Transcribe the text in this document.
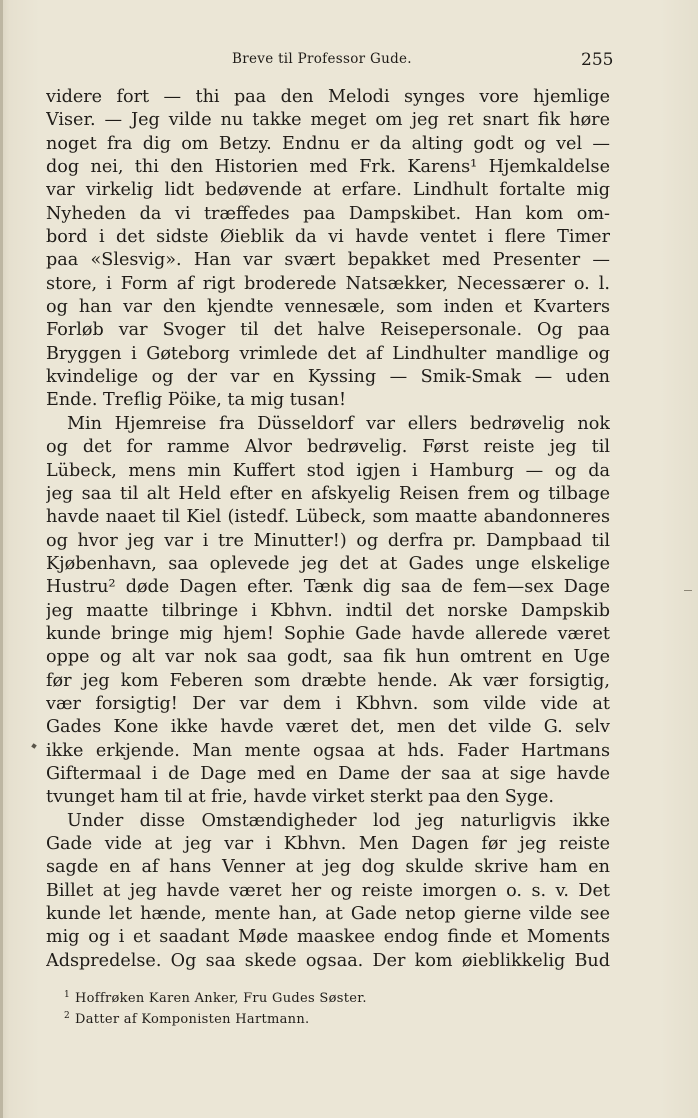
Breve til Professor Gude.	255
videre fort — thi paa den Melodi synges vore hjemlige
Viser. — Jeg vilde nu takke meget om jeg ret snart fik høre
noget fra dig om Betzy. Endnu er da alting godt og vel —
dog nei, thi den Historien med Frk. Karens¹ Hjemkaldelse
var virkelig lidt bedøvende at erfare. Lindhult fortalte mig
Nyheden da vi træffedes paa Dampskibet. Han kom om-
bord i det sidste Øieblik da vi havde ventet i flere Timer
paa «Slesvig». Han var svært bepakket med Presenter —
store, i Form af rigt broderede Natsækker, Necessærer o. l.
og han var den kjendte vennesæle, som inden et Kvarters
Forløb var Svoger til det halve Reisepersonale. Og paa
Bryggen i Gøteborg vrimlede det af Lindhulter mandlige og
kvindelige og der var en Kyssing — Smik-Smak — uden
Ende. Treflig Pöike, ta mig tusan!
Min Hjemreise fra Düsseldorf var ellers bedrøvelig nok
og det for ramme Alvor bedrøvelig. Først reiste jeg til
Lübeck, mens min Kuffert stod igjen i Hamburg — og da
jeg saa til alt Held efter en afskyelig Reisen frem og tilbage
havde naaet til Kiel (istedf. Lübeck, som maatte abandonneres
og hvor jeg var i tre Minutter!) og derfra pr. Dampbaad til
Kjøbenhavn, saa oplevede jeg det at Gades unge elskelige
Hustru² døde Dagen efter. Tænk dig saa de fem—sex Dage
jeg maatte tilbringe i Kbhvn. indtil det norske Dampskib
kunde bringe mig hjem! Sophie Gade havde allerede været
oppe og alt var nok saa godt, saa fik hun omtrent en Uge
før jeg kom Feberen som dræbte hende. Ak vær forsigtig,
vær forsigtig! Der var dem i Kbhvn. som vilde vide at
Gades Kone ikke havde været det, men det vilde G. selv
ikke erkjende. Man mente ogsaa at hds. Fader Hartmans
Giftermaal i de Dage med en Dame der saa at sige havde
tvunget ham til at frie, havde virket sterkt paa den Syge.
Under disse Omstændigheder lod jeg naturligvis ikke
Gade vide at jeg var i Kbhvn. Men Dagen før jeg reiste
sagde en af hans Venner at jeg dog skulde skrive ham en
Billet at jeg havde været her og reiste imorgen o. s. v. Det
kunde let hænde, mente han, at Gade netop gierne vilde see
mig og i et saadant Møde maaskee endog finde et Moments
Adspredelse. Og saa skede ogsaa. Der kom øieblikkelig Bud
$^1$ Hoffrøken Karen Anker, Fru Gudes Søster.
$^2$ Datter af Komponisten Hartmann.
